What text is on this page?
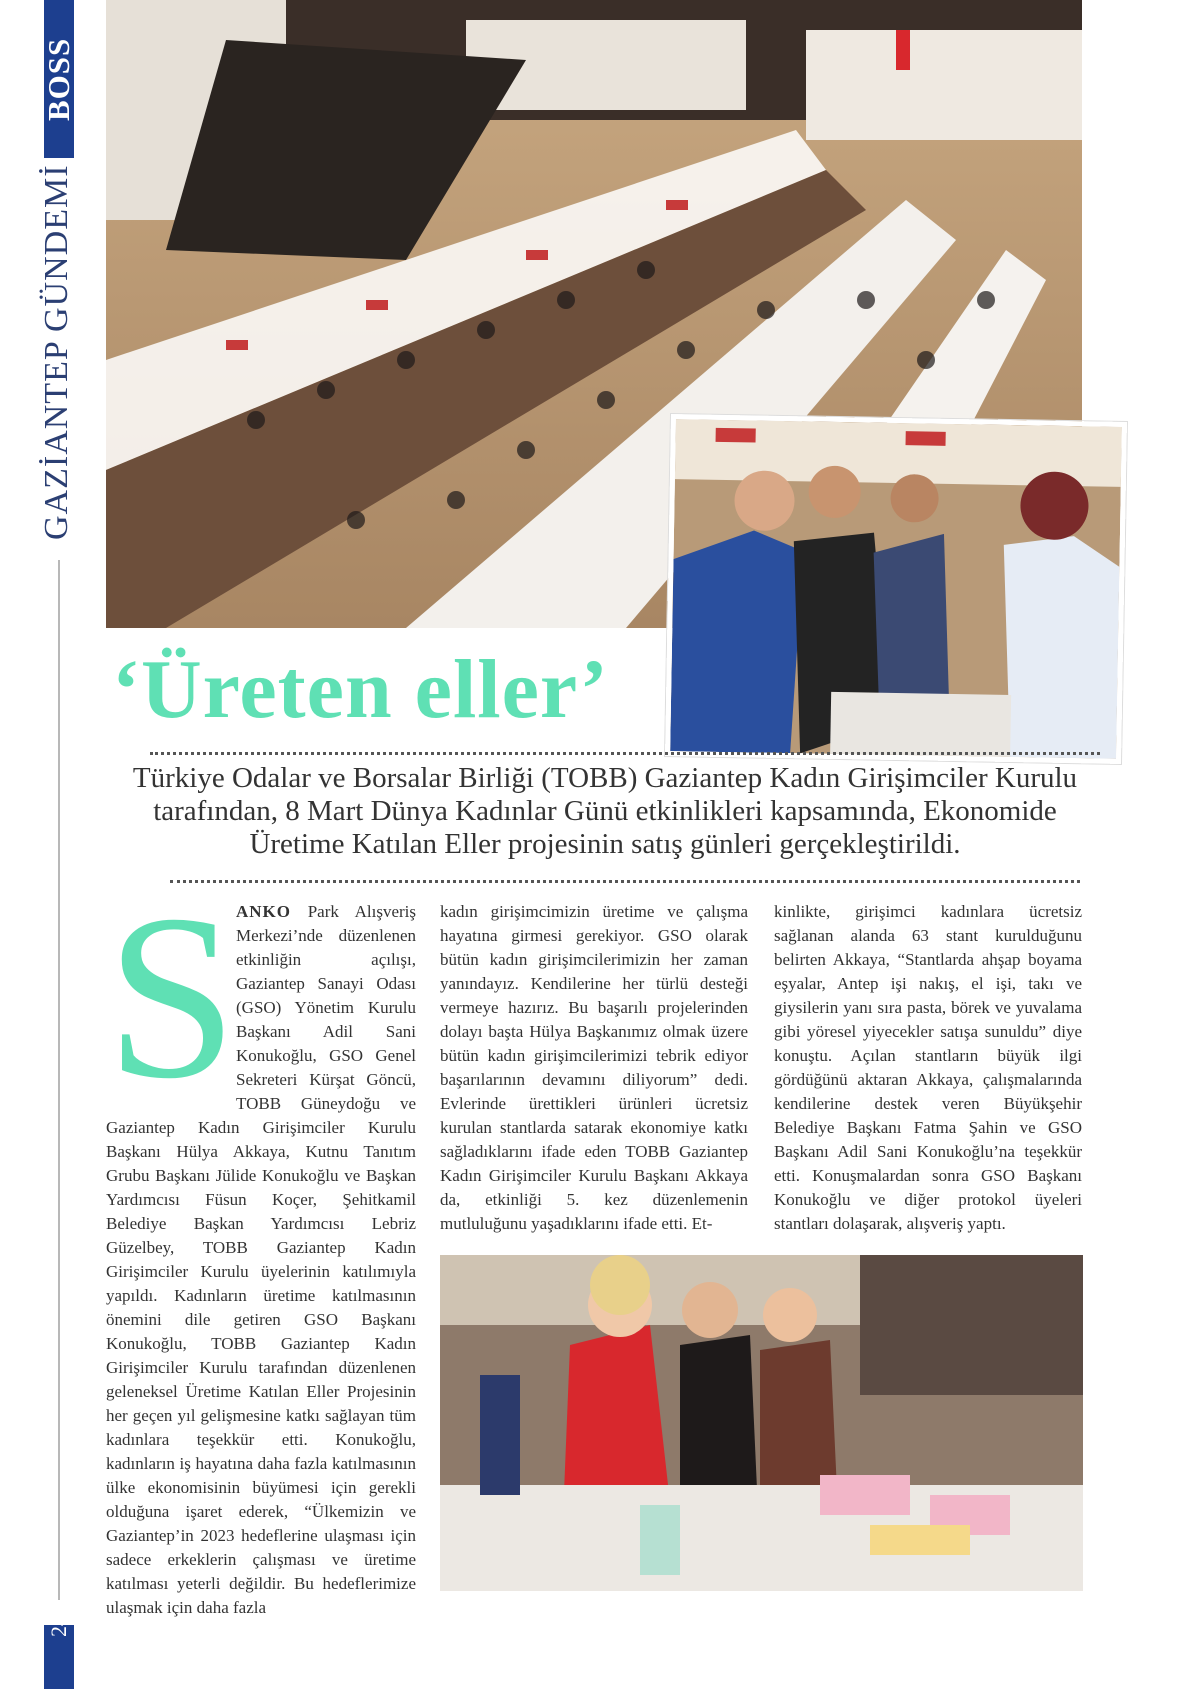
BOSS
GAZİANTEP GÜNDEMİ
24
‘Üreten eller’
Türkiye Odalar ve Borsalar Birliği (TOBB) Gaziantep Kadın Girişimciler Kurulu tarafından, 8 Mart Dünya Kadınlar Günü etkinlikleri kapsamında, Ekonomide Üretime Katılan Eller projesinin satış günleri gerçekleştirildi.
S

ANKO Park Alışveriş Merkezi’nde düzenlenen etkinliğin açılışı, Gaziantep Sanayi Odası (GSO) Yönetim Kurulu Başkanı Adil Sani Konukoğlu, GSO Genel Sekreteri Kürşat Göncü, TOBB Güneydoğu ve Gaziantep Kadın Girişimciler Kurulu Başkanı Hülya Akkaya, Kutnu Tanıtım Grubu Başkanı Jülide Konukoğlu ve Başkan Yardımcısı Füsun Koçer, Şehitkamil Belediye Başkan Yardımcısı Lebriz Güzelbey, TOBB Gaziantep Kadın Girişimciler Kurulu üyelerinin katılımıyla yapıldı. Kadınların üretime katılmasının önemini dile getiren GSO Başkanı Konukoğlu, TOBB Gaziantep Kadın Girişimciler Kurulu tarafından düzenlenen geleneksel Üretime Katılan Eller Projesinin her geçen yıl gelişmesine katkı sağlayan tüm kadınlara teşekkür etti. Konukoğlu, kadınların iş hayatına daha fazla katılmasının ülke ekonomisinin büyümesi için gerekli olduğuna işaret ederek, “Ülkemizin ve Gaziantep’in 2023 hedeflerine ulaşması için sadece erkeklerin çalışması ve üretime katılması yeterli değildir. Bu hedeflerimize ulaşmak için daha fazla

kadın girişimcimizin üretime ve çalışma hayatına girmesi gerekiyor. GSO olarak bütün kadın girişimcilerimizin her zaman yanındayız. Kendilerine her türlü desteği vermeye hazırız. Bu başarılı projelerinden dolayı başta Hülya Başkanımız olmak üzere bütün kadın girişimcilerimizi tebrik ediyor başarılarının devamını diliyorum” dedi. Evlerinde ürettikleri ürünleri ücretsiz kurulan stantlarda satarak ekonomiye katkı sağladıklarını ifade eden TOBB Gaziantep Kadın Girişimciler Kurulu Başkanı Akkaya da, etkinliği 5. kez düzenlemenin mutluluğunu yaşadıklarını ifade etti. Et-

kinlikte, girişimci kadınlara ücretsiz sağlanan alanda 63 stant kurulduğunu belirten Akkaya, “Stantlarda ahşap boyama eşyalar, Antep işi nakış, el işi, takı ve giysilerin yanı sıra pasta, börek ve yuvalama gibi yöresel yiyecekler satışa sunuldu” diye konuştu. Açılan stantların büyük ilgi gördüğünü aktaran Akkaya, çalışmalarında kendilerine destek veren Büyükşehir Belediye Başkanı Fatma Şahin ve GSO Başkanı Adil Sani Konukoğlu’na teşekkür etti. Konuşmalardan sonra GSO Başkanı Konukoğlu ve diğer protokol üyeleri stantları dolaşarak, alışveriş yaptı.
